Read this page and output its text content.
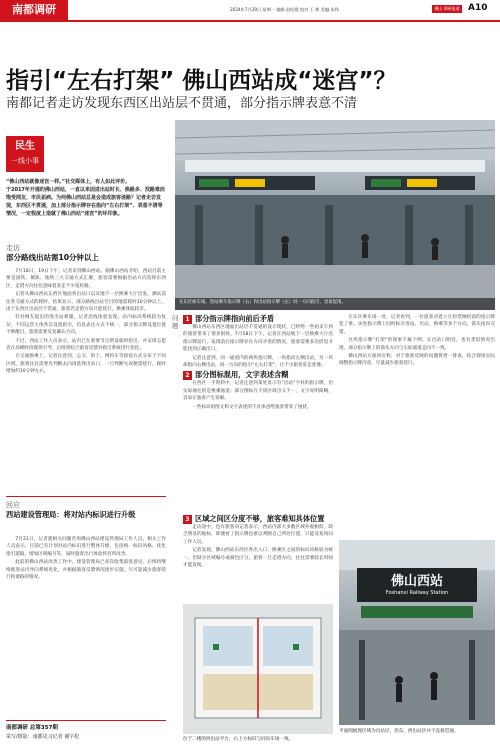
南都调研	2024年7月29日 星期一 编辑 赵昭霞 校对 王 彬 美编 朱铮	佛山 调研报道 A10
指引“左右打架” 佛山西站成“迷宫”？
南都记者走访发现东西区出站层不贯通，部分指示牌表意不清
民生
一线小事
“佛山西站就像迷宫一样。”社交媒体上，有人如此评价。
于2017年开通的佛山西站，一直以来因进出站时长、换路多、找路难而饱受网友、市民诟病。为何佛山西站总是会造成旅客迷路？记者走访发现，东西区不贯通，加上部分指示牌存在指向“左右打架”、表意不清等情况，一定程度上造就了佛山西站“迷宫”的坏印象。
走访
部分路线出站需10分钟以上

7月18日、19日下午，记者来到佛山西站。据佛山西站介绍，西站目前主要是国铁、城轨、地铁三大交通方式汇聚，旅客需要根据出站方向选择东西区，走错方向往往意味着多走不少冤枉路。

记者从佛山西站东西区地面各出站口以及地下一层换乘大厅出发，测试前往各交通方式的耗时。结果显示，部分路线出站至目的地需耗时10分钟以上。由于东西区出站层不贯通，旅客若走错方向只能绕行，换乘体验较差。

针对网友提出的进出站难题，记者沿线体验发现，站内标识系统较为复杂，不同运营主体各自设置指引，信息表达方式不统一，部分指示牌设置位置不够醒目，旅客需要反复确认方向。

不过，西站工作人员表示，站内已在重要节点增设临时指引，并安排志愿者在高峰时段现场引导，后续将结合旅客反馈对指引系统进行优化。

在交通换乘上，记者注意到，公交、的士、网约车等接驳方式分布于不同区域，旅客往往需要先判断去向再选择出站口，一旦判断失误便需绕行，耗时增加约10分钟左右。

在东区候车场，进站乘车指示牌（右）和出站指示牌（左）同一方向指引，容易混淆。
问题
1 部分指示牌指向前后矛盾

佛山西站东西区地面出站层不贯通的设计现状，已经给一些初来乍到的旅客带来了诸多困扰。7月18日下午，记者在西站地下一层换乘大厅沿指示牌前行，发现前后指示牌存在方向矛盾的情况，旅客需要多次折返才能找到正确出口。

记者注意到，同一通道内的两块指示牌，一块指向左侧出站，另一块却指向右侧出站，同一方向的指引“左右打架”，让不少旅客驻足犹豫。

2 部分图标混用，文字表述含糊

在西区一手资料中，记者注意到某处显示有“出站“字样的指示牌，但实际通往的是换乘通道；部分图标在不同区域含义不一，文字说明简略，容易让旅客产生误解。

一些标识的图文和文字表述的不具体也给旅客带来了困扰。

在东区乘车场一处，记者看到，一位旅客对着立在检票闸机前的指示牌犯了难。该处指示牌上同时标有进站、出站、换乘等多个方向，箭头指向交错。

这块指示牌“打架”的现象不属个例。在出站口附近，也有类似情况出现，部分指示牌上的箭头方向与实际通道走向不一致。

佛山西站方面回应称，对于旅客反映的问题将逐一排查，结合现场实际调整指示牌内容，尽量减少旅客绕行。

3 区域之间区分度不够，旅客难知具体位置

走访途中，也有旅客向记者表示，西站内部大多数区域外观相似，缺乏明显的地标，即便看了指示牌也难以判断自己所处位置，只能反复询问工作人员。

记者发现，佛山西站东西区各出入口、换乘区之间的标识风格较为统一，但缺少区域编号或颜色区分，旅客一旦走错方向，往往需要较长时间才能发现。

佛山西站
Foshanxi Railway Station
位于二楼的西出站平台，右上方标识与同向车场一致。
平面图展现区域为出站层，但东、西出站区并不直接贯通。
回应
西站建设管理局：将对站内标识进行升级

7月21日，记者就相关问题咨询佛山西站建设管理局工作人员。相关工作人员表示，目前已有计划对站内标识进行整体升级，包括统一标识风格、优化指引逻辑、增加区域编号等，届时旅客出行体验将有所改善。

此前的佛山西站改善工作中，建设管理局已多次收集旅客意见，后续将继续推进站内导向系统优化，并根据旅客反馈情况逐步实施，尽可能减少旅客绕行和迷路的情况。

南都调研 总第357期
采写/摄影：南都见习记者 谢宇松
